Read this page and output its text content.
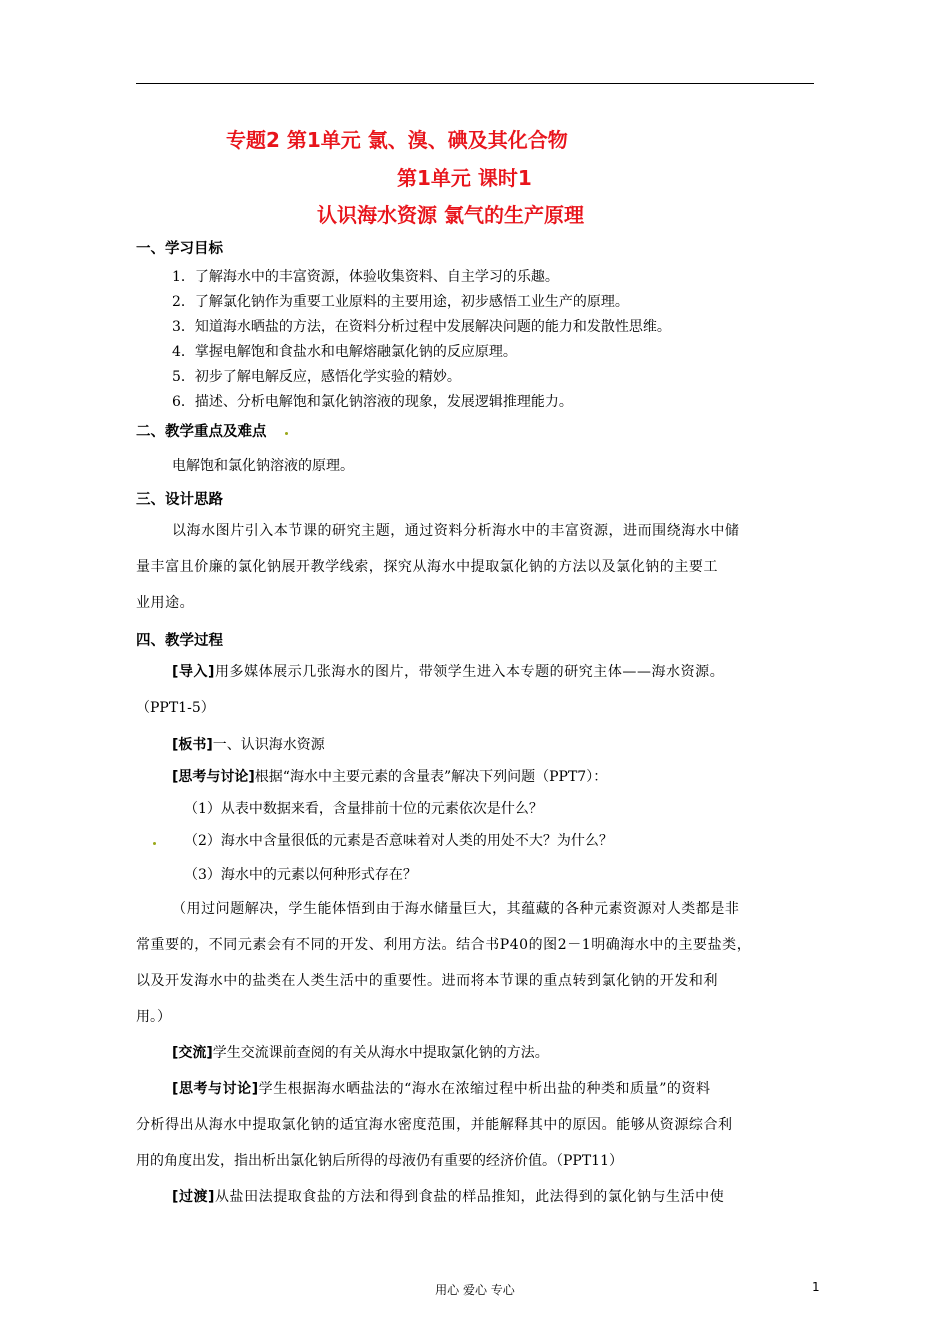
专题2 第1单元 氯、溴、碘及其化合物
第1单元 课时1
认识海水资源 氯气的生产原理
一、学习目标
1．了解海水中的丰富资源，体验收集资料、自主学习的乐趣。
2．了解氯化钠作为重要工业原料的主要用途，初步感悟工业生产的原理。
3．知道海水晒盐的方法，在资料分析过程中发展解决问题的能力和发散性思维。
4．掌握电解饱和食盐水和电解熔融氯化钠的反应原理。
5．初步了解电解反应，感悟化学实验的精妙。
6．描述、分析电解饱和氯化钠溶液的现象，发展逻辑推理能力。
二、教学重点及难点
电解饱和氯化钠溶液的原理。
三、设计思路
以海水图片引入本节课的研究主题，通过资料分析海水中的丰富资源，进而围绕海水中储
量丰富且价廉的氯化钠展开教学线索，探究从海水中提取氯化钠的方法以及氯化钠的主要工
业用途。
四、教学过程
[导入]用多媒体展示几张海水的图片，带领学生进入本专题的研究主体——海水资源。
（PPT1-5）
[板书]一、认识海水资源
[思考与讨论]根据“海水中主要元素的含量表”解决下列问题（PPT7）：
（1）从表中数据来看，含量排前十位的元素依次是什么？
（2）海水中含量很低的元素是否意味着对人类的用处不大？为什么？
（3）海水中的元素以何种形式存在？
（用过问题解决，学生能体悟到由于海水储量巨大，其蕴藏的各种元素资源对人类都是非
常重要的，不同元素会有不同的开发、利用方法。结合书P40的图2－1明确海水中的主要盐类，
以及开发海水中的盐类在人类生活中的重要性。进而将本节课的重点转到氯化钠的开发和利
用。）
[交流]学生交流课前查阅的有关从海水中提取氯化钠的方法。
[思考与讨论]学生根据海水晒盐法的“海水在浓缩过程中析出盐的种类和质量”的资料
分析得出从海水中提取氯化钠的适宜海水密度范围，并能解释其中的原因。能够从资源综合利
用的角度出发，指出析出氯化钠后所得的母液仍有重要的经济价值。（PPT11）
[过渡]从盐田法提取食盐的方法和得到食盐的样品推知，此法得到的氯化钠与生活中使
用心 爱心 专心	1
